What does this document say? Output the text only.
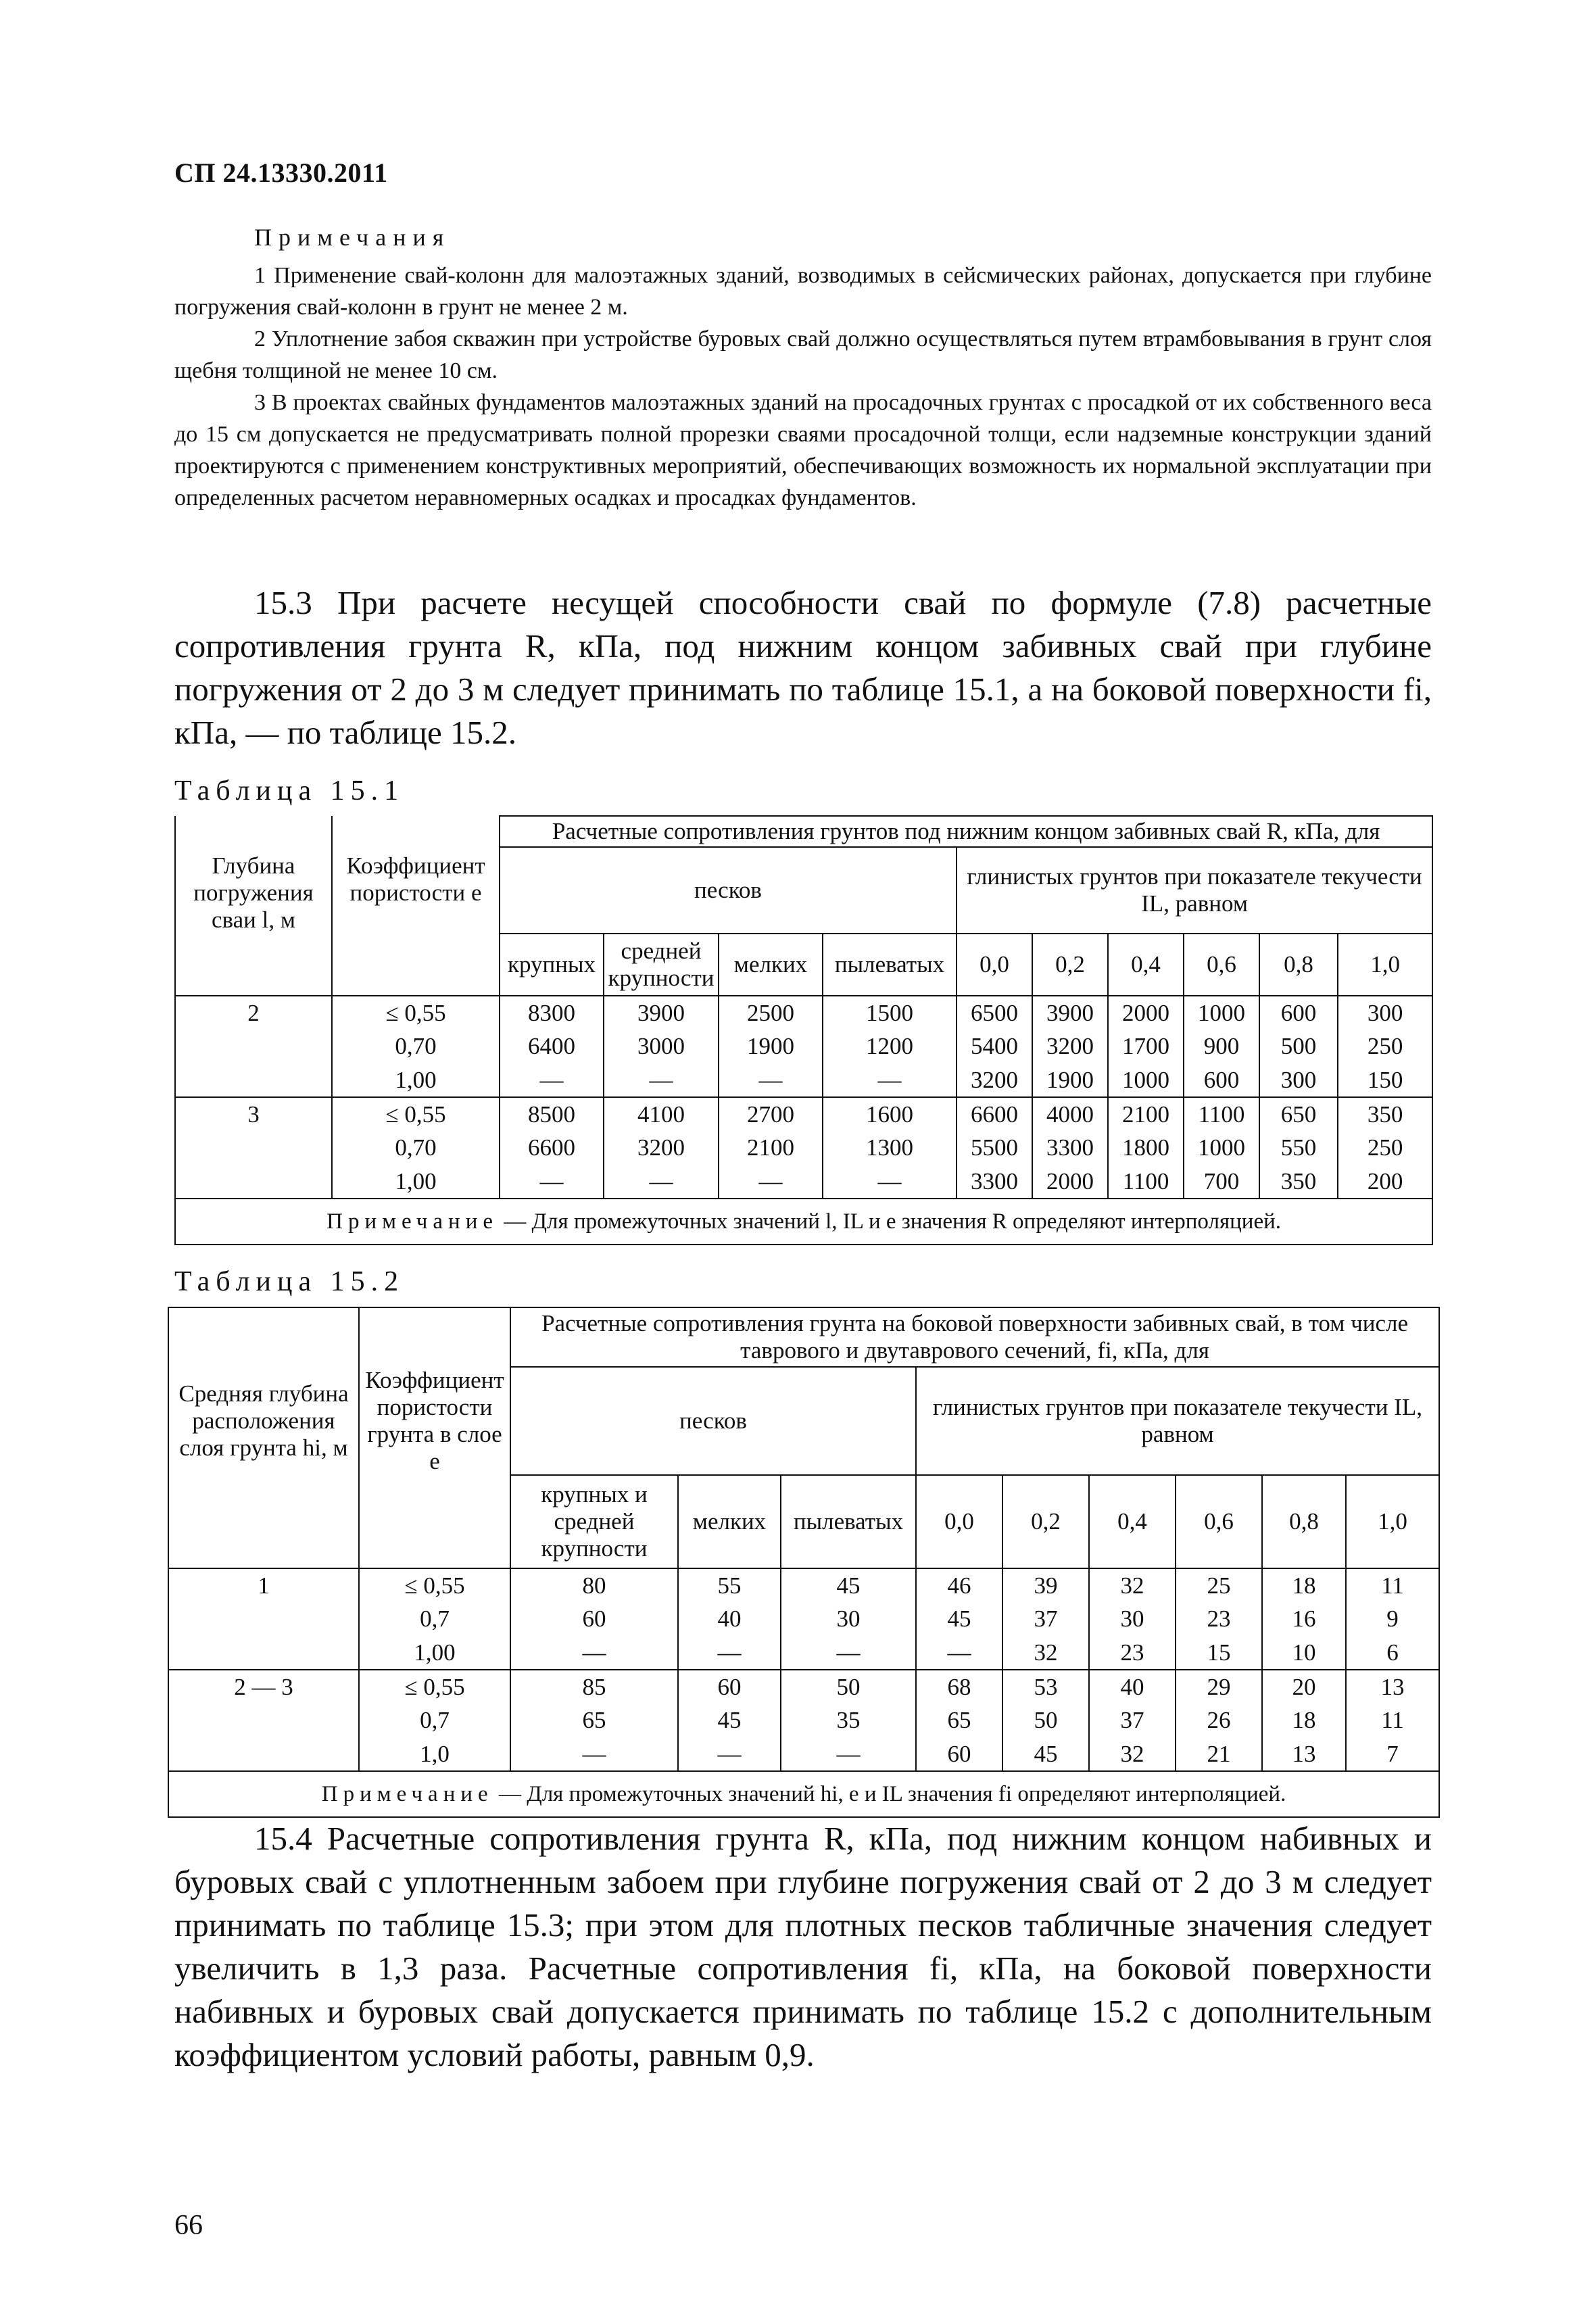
СП 24.13330.2011
Примечания
1 Применение свай-колонн для малоэтажных зданий, возводимых в сейсмических районах, допускается при глубине погружения свай-колонн в грунт не менее 2 м.
2 Уплотнение забоя скважин при устройстве буровых свай должно осуществляться путем втрамбовывания в грунт слоя щебня толщиной не менее 10 см.
3 В проектах свайных фундаментов малоэтажных зданий на просадочных грунтах с просадкой от их собственного веса до 15 см допускается не предусматривать полной прорезки сваями просадочной толщи, если надземные конструкции зданий проектируются с применением конструктивных мероприятий, обеспечивающих возможность их нормальной эксплуатации при определенных расчетом неравномерных осадках и просадках фундаментов.
15.3 При расчете несущей способности свай по формуле (7.8) расчетные сопротивления грунта R, кПа, под нижним концом забивных свай при глубине погружения от 2 до 3 м следует принимать по таблице 15.1, а на боковой поверхности fi, кПа, — по таблице 15.2.
Таблица 15.1
		Расчетные сопротивления грунтов под нижним концом забивных свай R, кПа, для									
Глубина погружения сваи l, м	Коэффициент пористости e	песков				глинистых грунтов при показателе текучести IL, равном					
		крупных	средней крупности	мелких	пылеватых	0,0	0,2	0,4	0,6	0,8	1,0
2	≤ 0,55	8300	3900	2500	1500	6500	3900	2000	1000	600	300
	0,70	6400	3000	1900	1200	5400	3200	1700	900	500	250
	1,00	—	—	—	—	3200	1900	1000	600	300	150
3	≤ 0,55	8500	4100	2700	1600	6600	4000	2100	1100	650	350
	0,70	6600	3200	2100	1300	5500	3300	1800	1000	550	250
	1,00	—	—	—	—	3300	2000	1100	700	350	200
Примечание — Для промежуточных значений l, IL и e значения R определяют интерполяцией.											
Таблица 15.2
		Расчетные сопротивления грунта на боковой поверхности забивных свай, в том числе таврового и двутаврового сечений, fi, кПа, для								
Средняя глубина расположения слоя грунта hi, м	Коэффициент пористости грунта в слое e	песков			глинистых грунтов при показателе текучести IL, равном					
		крупных и средней крупности	мелких	пылеватых	0,0	0,2	0,4	0,6	0,8	1,0
1	≤ 0,55	80	55	45	46	39	32	25	18	11
	0,7	60	40	30	45	37	30	23	16	9
	1,00	—	—	—	—	32	23	15	10	6
2 — 3	≤ 0,55	85	60	50	68	53	40	29	20	13
	0,7	65	45	35	65	50	37	26	18	11
	1,0	—	—	—	60	45	32	21	13	7
Примечание — Для промежуточных значений hi, e и IL значения fi определяют интерполяцией.										
15.4 Расчетные сопротивления грунта R, кПа, под нижним концом набивных и буровых свай с уплотненным забоем при глубине погружения свай от 2 до 3 м следует принимать по таблице 15.3; при этом для плотных песков табличные значения следует увеличить в 1,3 раза. Расчетные сопротивления fi, кПа, на боковой поверхности набивных и буровых свай допускается принимать по таблице 15.2 с дополнительным коэффициентом условий работы, равным 0,9.
66
